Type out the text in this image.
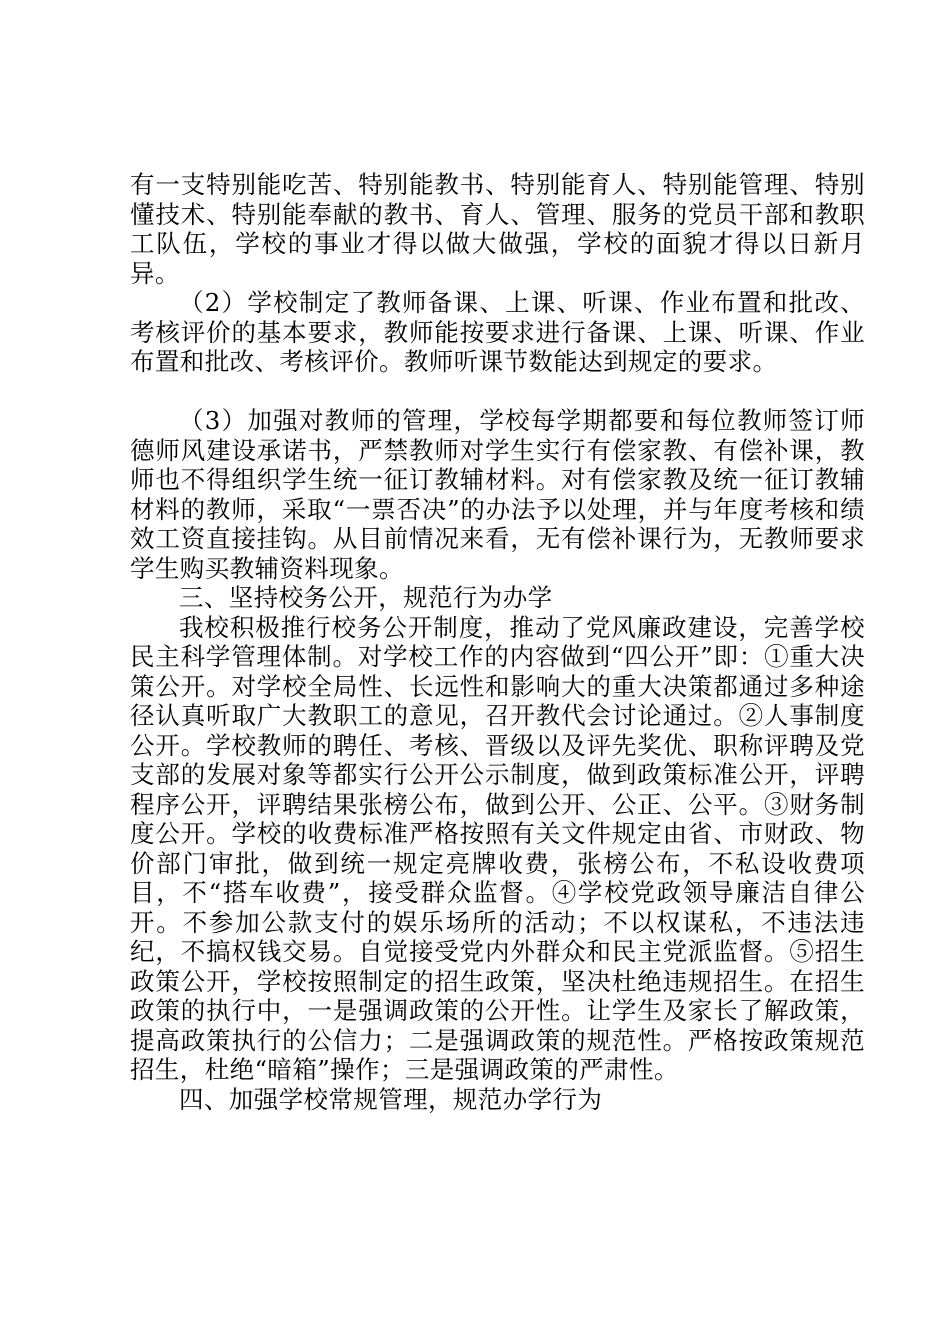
有一支特别能吃苦、特别能教书、特别能育人、特别能管理、特别懂技术、特别能奉献的教书、育人、管理、服务的党员干部和教职工队伍，学校的事业才得以做大做强，学校的面貌才得以日新月异。

（2）学校制定了教师备课、上课、听课、作业布置和批改、考核评价的基本要求，教师能按要求进行备课、上课、听课、作业布置和批改、考核评价。教师听课节数能达到规定的要求。

（3）加强对教师的管理，学校每学期都要和每位教师签订师德师风建设承诺书，严禁教师对学生实行有偿家教、有偿补课，教师也不得组织学生统一征订教辅材料。对有偿家教及统一征订教辅材料的教师，采取“一票否决”的办法予以处理，并与年度考核和绩效工资直接挂钩。从目前情况来看，无有偿补课行为，无教师要求学生购买教辅资料现象。

三、坚持校务公开，规范行为办学

我校积极推行校务公开制度，推动了党风廉政建设，完善学校民主科学管理体制。对学校工作的内容做到“四公开”即：①重大决策公开。对学校全局性、长远性和影响大的重大决策都通过多种途径认真听取广大教职工的意见，召开教代会讨论通过。②人事制度公开。学校教师的聘任、考核、晋级以及评先奖优、职称评聘及党支部的发展对象等都实行公开公示制度，做到政策标准公开，评聘程序公开，评聘结果张榜公布，做到公开、公正、公平。③财务制度公开。学校的收费标准严格按照有关文件规定由省、市财政、物价部门审批，做到统一规定亮牌收费，张榜公布，不私设收费项目，不“搭车收费”，接受群众监督。④学校党政领导廉洁自律公开。不参加公款支付的娱乐场所的活动；不以权谋私，不违法违纪，不搞权钱交易。自觉接受党内外群众和民主党派监督。⑤招生政策公开，学校按照制定的招生政策，坚决杜绝违规招生。在招生政策的执行中，一是强调政策的公开性。让学生及家长了解政策，提高政策执行的公信力；二是强调政策的规范性。严格按政策规范招生，杜绝“暗箱”操作；三是强调政策的严肃性。

四、加强学校常规管理，规范办学行为
